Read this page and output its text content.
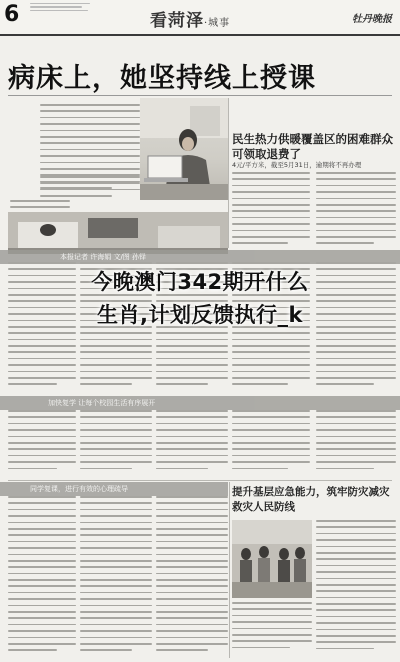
6	看菏泽·城事	牡丹晚报
病床上，她坚持线上授课
本报记者 许海娟 文/图 孙铎
民生热力供暖覆盖区的困难群众可领取退费了
4元/平方米，截至5月31日，逾期将不再办理
加快复学 让每个校园生活有序展开
同学复课，进行有效的心理疏导	提升基层应急能力，筑牢防灾减灾救灾人民防线
今晚澳门342期开什么
生肖,计划反馈执行_k
